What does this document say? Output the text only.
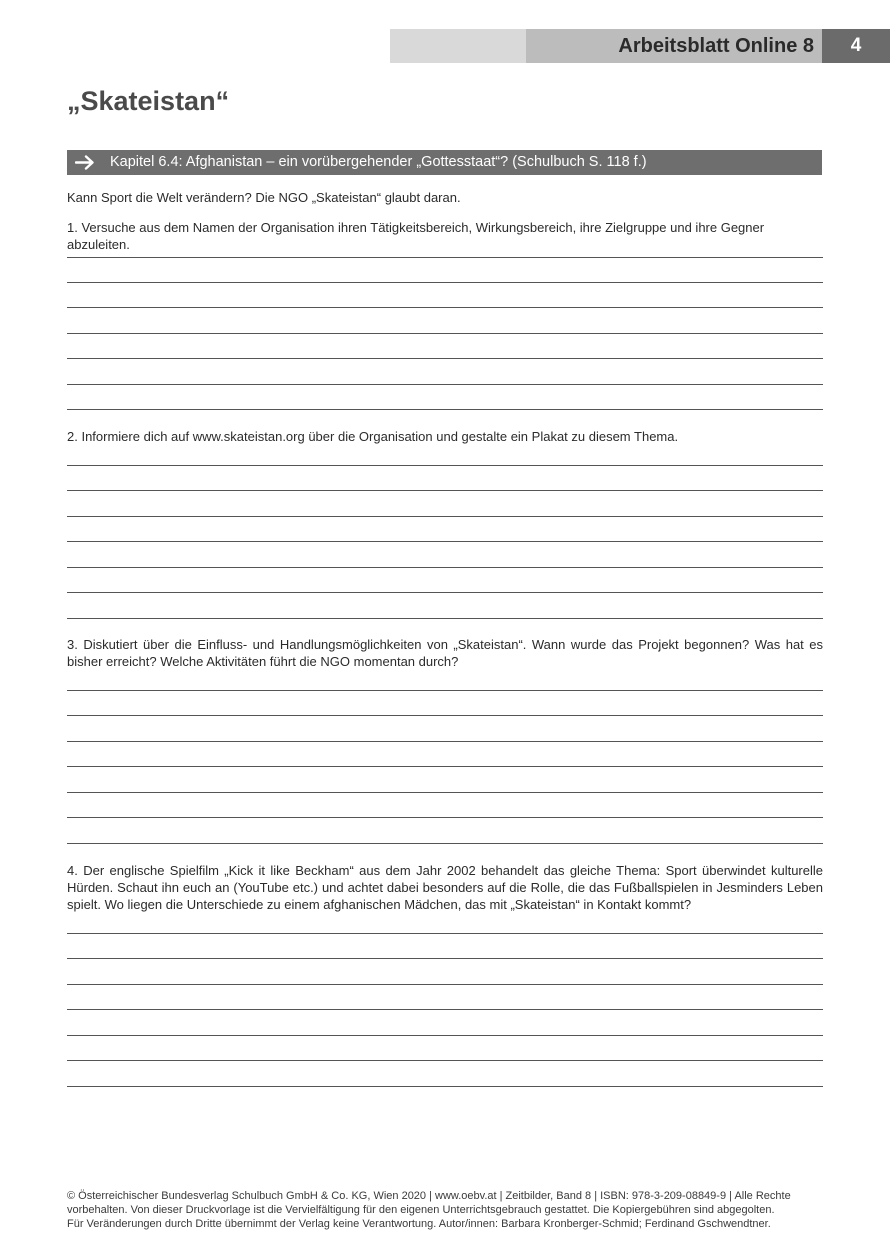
Arbeitsblatt Online 8	4
„Skateistan“
Kapitel 6.4: Afghanistan – ein vorübergehender „Gottesstaat“? (Schulbuch S. 118 f.)
Kann Sport die Welt verändern? Die NGO „Skateistan“ glaubt daran.
1. Versuche aus dem Namen der Organisation ihren Tätigkeitsbereich, Wirkungsbereich, ihre Zielgruppe und ihre Gegner abzuleiten.
2. Informiere dich auf www.skateistan.org über die Organisation und gestalte ein Plakat zu diesem Thema.
3. Diskutiert über die Einfluss- und Handlungsmöglichkeiten von „Skateistan“. Wann wurde das Projekt begonnen? Was hat es bisher erreicht? Welche Aktivitäten führt die NGO momentan durch?
4. Der englische Spielfilm „Kick it like Beckham“ aus dem Jahr 2002 behandelt das gleiche Thema: Sport überwindet kulturelle Hürden. Schaut ihn euch an (YouTube etc.) und achtet dabei besonders auf die Rolle, die das Fußballspielen in Jesminders Leben spielt. Wo liegen die Unterschiede zu einem afghanischen Mädchen, das mit „Skateistan“ in Kontakt kommt?
© Österreichischer Bundesverlag Schulbuch GmbH & Co. KG, Wien 2020 | www.oebv.at | Zeitbilder, Band 8 | ISBN: 978-3-209-08849-9 | Alle Rechte
vorbehalten. Von dieser Druckvorlage ist die Vervielfältigung für den eigenen Unterrichtsgebrauch gestattet. Die Kopiergebühren sind abgegolten.
Für Veränderungen durch Dritte übernimmt der Verlag keine Verantwortung. Autor/innen: Barbara Kronberger-Schmid; Ferdinand Gschwendtner.
